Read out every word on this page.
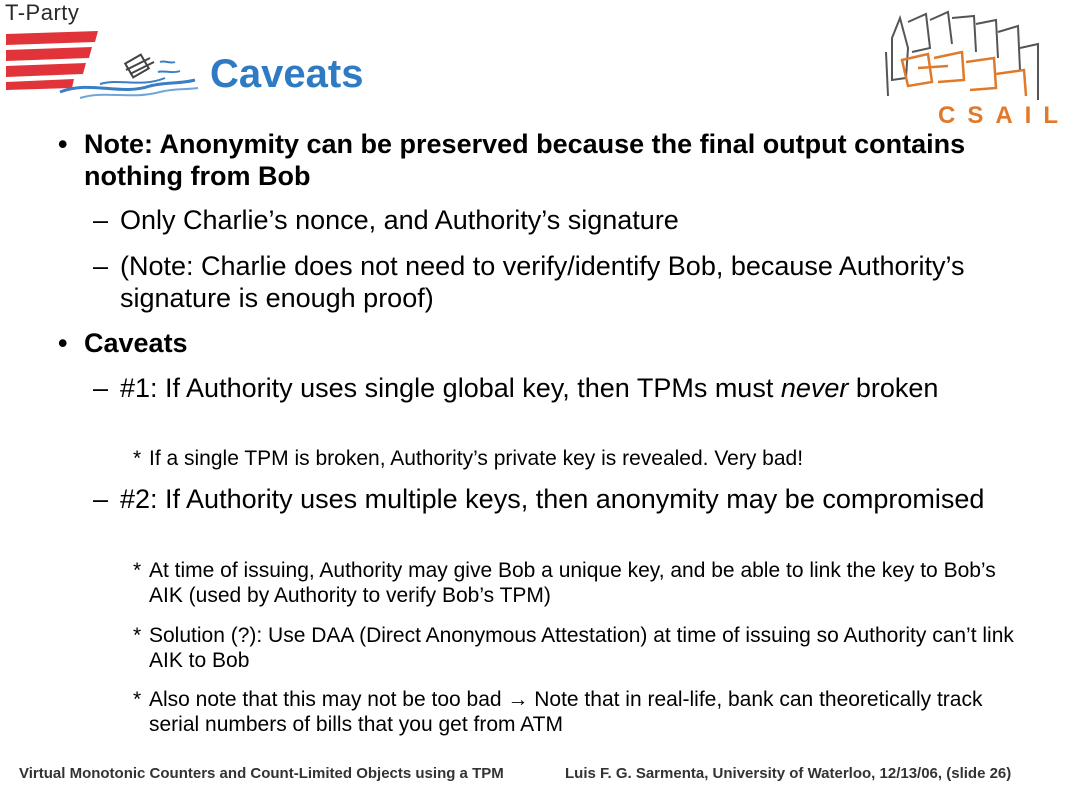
T-Party
Caveats
CSAIL
• Note: Anonymity can be preserved because the final output contains nothing from Bob
– Only Charlie’s nonce, and Authority’s signature
– (Note: Charlie does not need to verify/identify Bob, because Authority’s signature is enough proof)
• Caveats
– #1: If Authority uses single global key, then TPMs must never broken
* If a single TPM is broken, Authority’s private key is revealed. Very bad!
– #2: If Authority uses multiple keys, then anonymity may be compromised
* At time of issuing, Authority may give Bob a unique key, and be able to link the key to Bob’s AIK (used by Authority to verify Bob’s TPM)
* Solution (?): Use DAA (Direct Anonymous Attestation) at time of issuing so Authority can’t link AIK to Bob
* Also note that this may not be too bad → Note that in real-life, bank can theoretically track serial numbers of bills that you get from ATM
Virtual Monotonic Counters and Count-Limited Objects using a TPM	Luis F. G. Sarmenta, University of Waterloo, 12/13/06, (slide 26)
